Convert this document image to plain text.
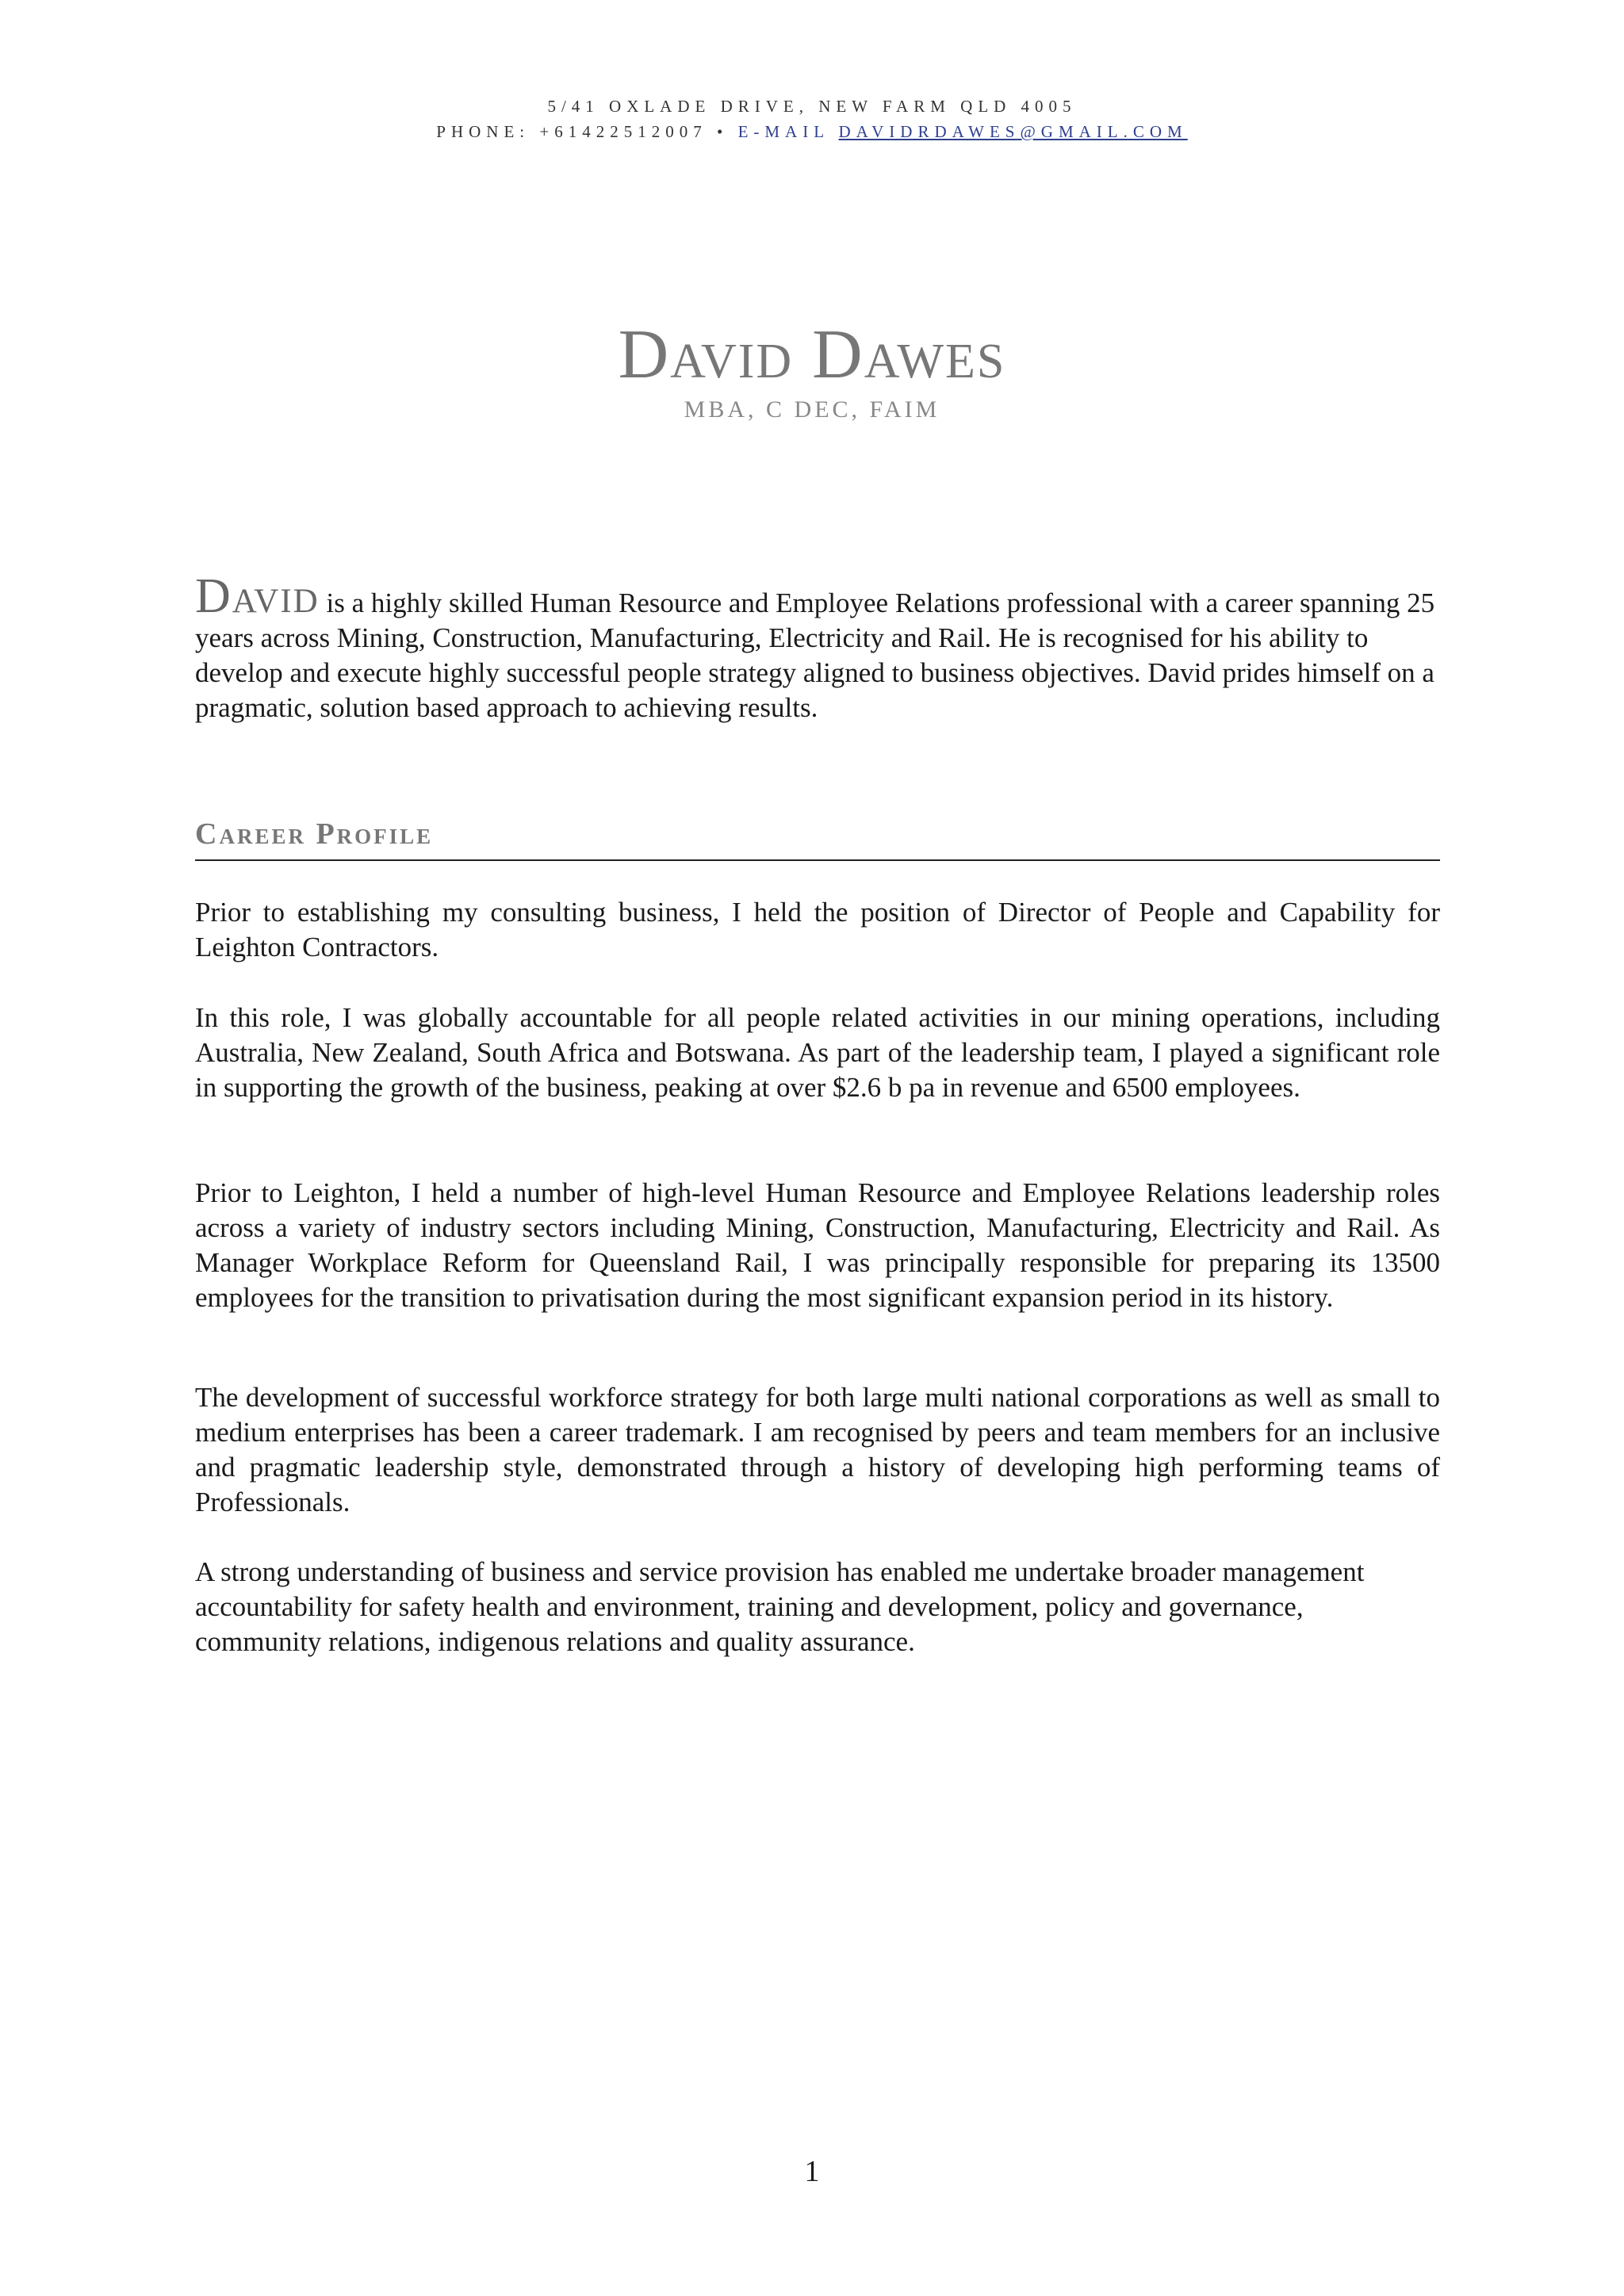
5/41 OXLADE DRIVE, NEW FARM QLD 4005
PHONE: +61422512007 • E-MAIL DAVIDRDAWES@GMAIL.COM
David Dawes
MBA, C DEC, FAIM
David is a highly skilled Human Resource and Employee Relations professional with a career spanning 25 years across Mining, Construction, Manufacturing, Electricity and Rail. He is recognised for his ability to develop and execute highly successful people strategy aligned to business objectives. David prides himself on a pragmatic, solution based approach to achieving results.
Career Profile

Prior to establishing my consulting business, I held the position of Director of People and Capability for Leighton Contractors.

In this role, I was globally accountable for all people related activities in our mining operations, including Australia, New Zealand, South Africa and Botswana. As part of the leadership team, I played a significant role in supporting the growth of the business, peaking at over $2.6 b pa in revenue and 6500 employees.

Prior to Leighton, I held a number of high-level Human Resource and Employee Relations leadership roles across a variety of industry sectors including Mining, Construction, Manufacturing, Electricity and Rail. As Manager Workplace Reform for Queensland Rail, I was principally responsible for preparing its 13500 employees for the transition to privatisation during the most significant expansion period in its history.

The development of successful workforce strategy for both large multi national corporations as well as small to medium enterprises has been a career trademark. I am recognised by peers and team members for an inclusive and pragmatic leadership style, demonstrated through a history of developing high performing teams of Professionals.

A strong understanding of business and service provision has enabled me undertake broader management accountability for safety health and environment, training and development, policy and governance, community relations, indigenous relations and quality assurance.

1
